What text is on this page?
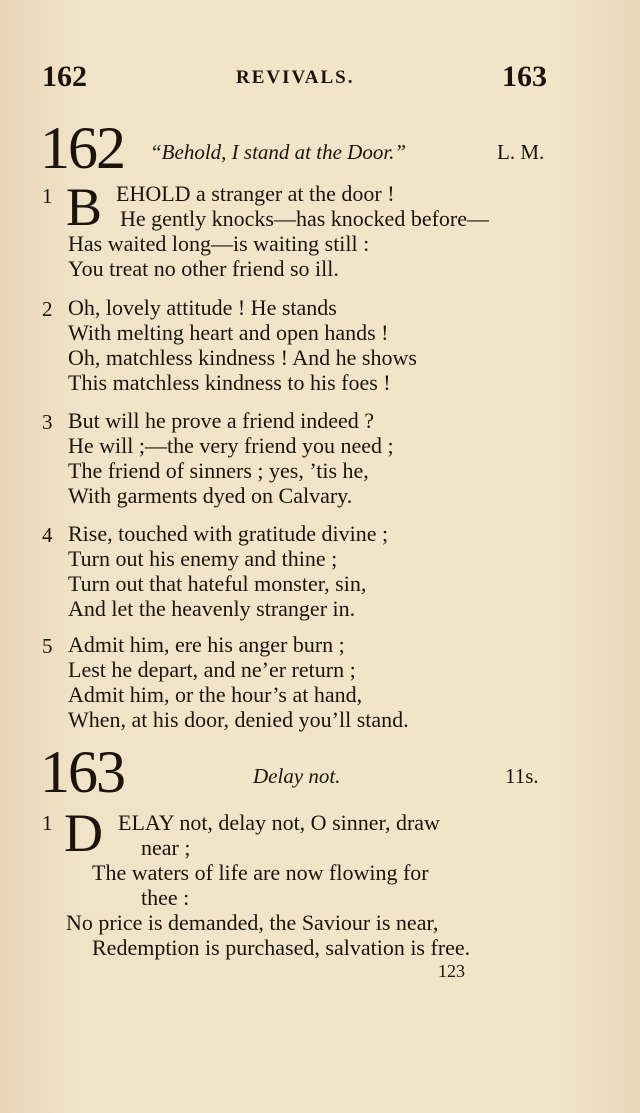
162	REVIVALS.	163
162 “Behold, I stand at the Door.”	L. M.
1 B EHOLD a stranger at the door !
He gently knocks—has knocked before—
Has waited long—is waiting still :
You treat no other friend so ill.
2 Oh, lovely attitude ! He stands
With melting heart and open hands !
Oh, matchless kindness ! And he shows
This matchless kindness to his foes !
3 But will he prove a friend indeed ?
He will ;—the very friend you need ;
The friend of sinners ; yes, ’tis he,
With garments dyed on Calvary.
4 Rise, touched with gratitude divine ;
Turn out his enemy and thine ;
Turn out that hateful monster, sin,
And let the heavenly stranger in.
5 Admit him, ere his anger burn ;
Lest he depart, and ne’er return ;
Admit him, or the hour’s at hand,
When, at his door, denied you’ll stand.
163	Delay not.	11s.
1 D ELAY not, delay not, O sinner, draw
near ;
The waters of life are now flowing for
thee :
No price is demanded, the Saviour is near,
Redemption is purchased, salvation is free.
123
